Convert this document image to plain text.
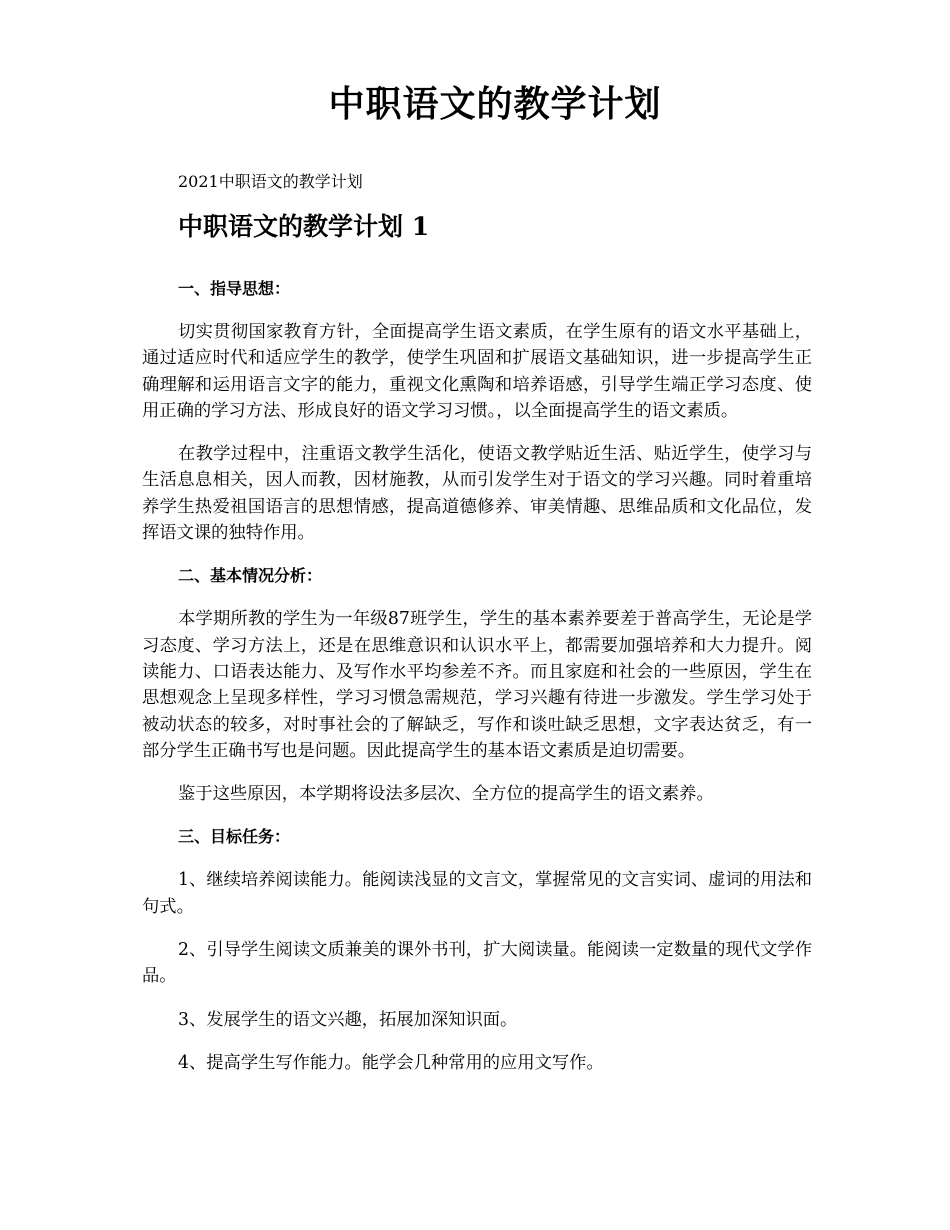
中职语文的教学计划
2021中职语文的教学计划
中职语文的教学计划 1
一、指导思想：

切实贯彻国家教育方针，全面提高学生语文素质，在学生原有的语文水平基础上，通过适应时代和适应学生的教学，使学生巩固和扩展语文基础知识，进一步提高学生正确理解和运用语言文字的能力，重视文化熏陶和培养语感，引导学生端正学习态度、使用正确的学习方法、形成良好的语文学习习惯。，以全面提高学生的语文素质。

在教学过程中，注重语文教学生活化，使语文教学贴近生活、贴近学生，使学习与生活息息相关，因人而教，因材施教，从而引发学生对于语文的学习兴趣。同时着重培养学生热爱祖国语言的思想情感，提高道德修养、审美情趣、思维品质和文化品位，发挥语文课的独特作用。

二、基本情况分析：

本学期所教的学生为一年级87班学生，学生的基本素养要差于普高学生，无论是学习态度、学习方法上，还是在思维意识和认识水平上，都需要加强培养和大力提升。阅读能力、口语表达能力、及写作水平均参差不齐。而且家庭和社会的一些原因，学生在思想观念上呈现多样性，学习习惯急需规范，学习兴趣有待进一步激发。学生学习处于被动状态的较多，对时事社会的了解缺乏，写作和谈吐缺乏思想，文字表达贫乏，有一部分学生正确书写也是问题。因此提高学生的基本语文素质是迫切需要。

鉴于这些原因，本学期将设法多层次、全方位的提高学生的语文素养。

三、目标任务：

1、继续培养阅读能力。能阅读浅显的文言文，掌握常见的文言实词、虚词的用法和句式。

2、引导学生阅读文质兼美的课外书刊，扩大阅读量。能阅读一定数量的现代文学作品。

3、发展学生的语文兴趣，拓展加深知识面。

4、提高学生写作能力。能学会几种常用的应用文写作。
